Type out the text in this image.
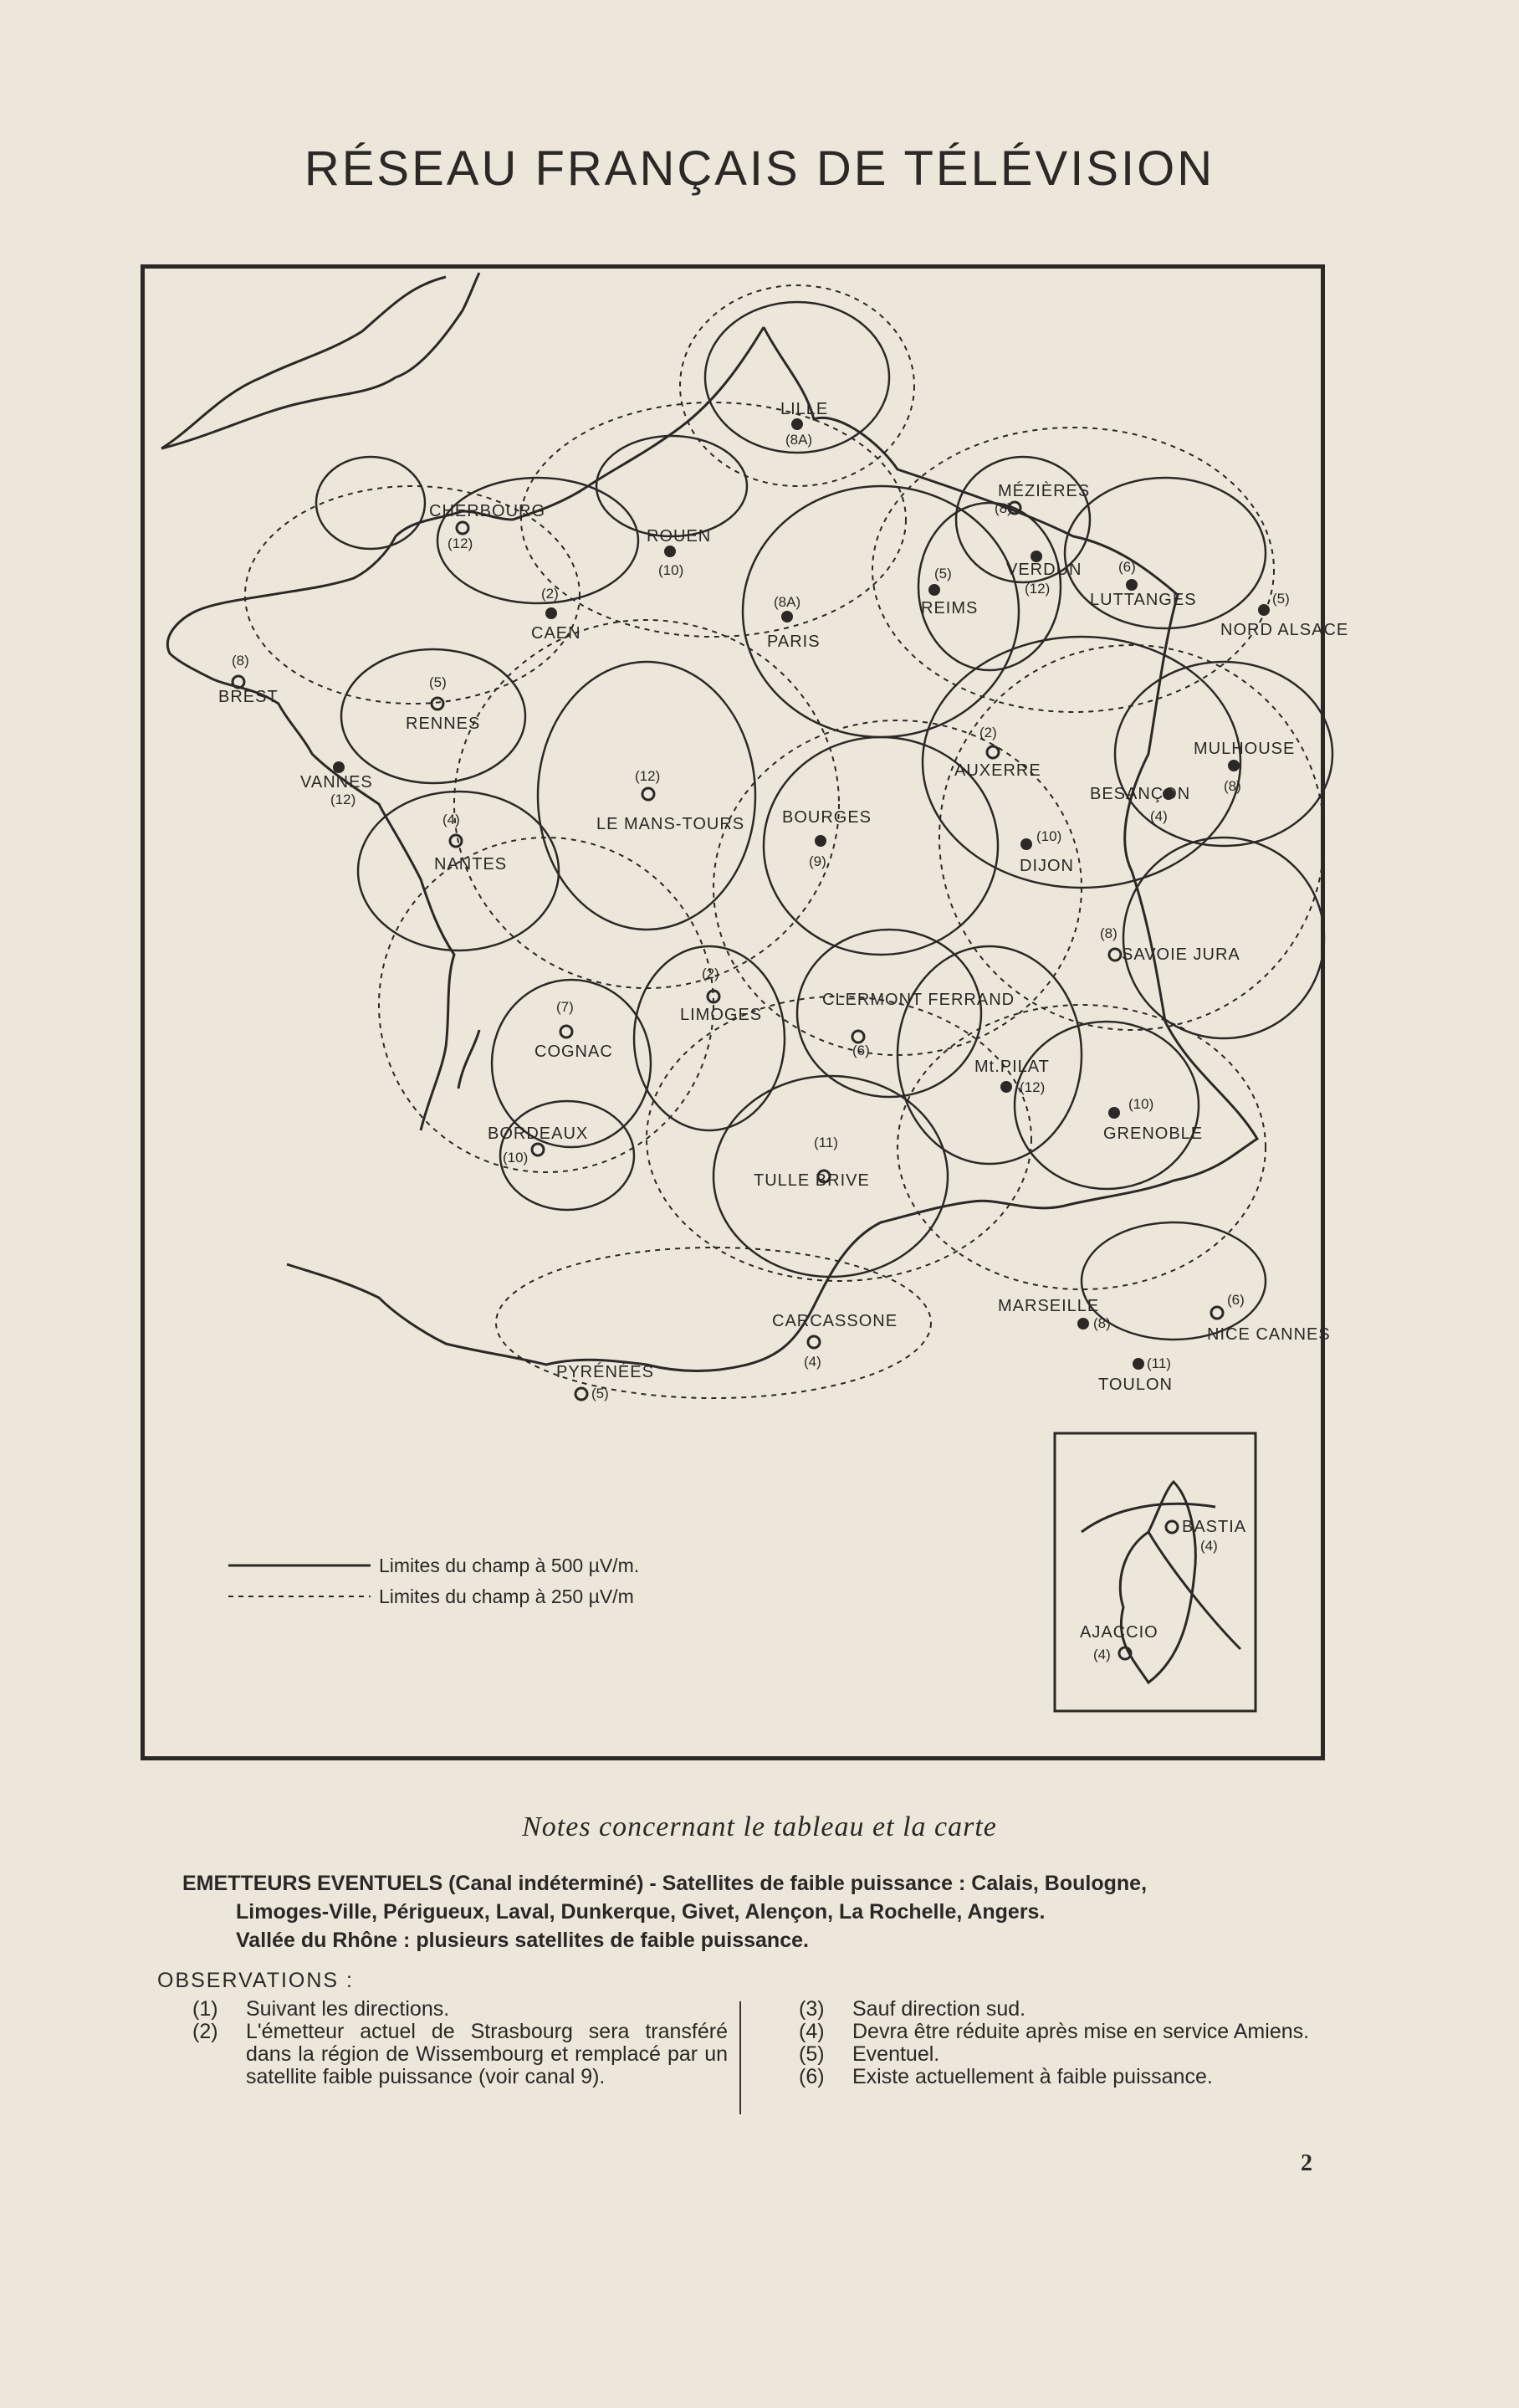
RÉSEAU FRANÇAIS DE TÉLÉVISION
LILLE
(8A)
MÉZIÈRES
(8)
VERDUN
(12)
LUTTANGES
(6)
NORD ALSACE
(5)
CHERBOURG
(12)	ROUEN
(10)
CAEN
(2)
REIMS
(5)
PARIS
(8A)
BREST
(8)
RENNES
(5)
AUXERRE
(2)
MULHOUSE
(8)
VANNES
(12)
LE MANS-TOURS
(12)
BESANÇON
(4)
NANTES
(4)	BOURGES
(9)	DIJON
(10)
SAVOIE JURA
(8)
LIMOGES
(2)
COGNAC
(7)	CLERMONT FERRAND
(6)
Mt.PILAT
(12)
GRENOBLE
(10)
BORDEAUX
(10)
TULLE BRIVE
(11)
MARSEILLE
(8)
NICE CANNES
(6)
CARCASSONE
(4)
TOULON
(11)
PYRÉNÉES
(5)
BASTIA
(4)
AJACCIO
(4)
Limites du champ à 500 µV/m.
Limites du champ à 250 µV/m
Notes concernant le tableau et la carte
EMETTEURS EVENTUELS (Canal indéterminé) - Satellites de faible puissance : Calais, Boulogne,
Limoges-Ville, Périgueux, Laval, Dunkerque, Givet, Alençon, La Rochelle, Angers.
Vallée du Rhône : plusieurs satellites de faible puissance.
OBSERVATIONS :
(1)	Suivant les directions.
(2)	L'émetteur actuel de Strasbourg sera transféré dans la région de Wissembourg et remplacé par un satellite faible puissance (voir canal 9).
(3)	Sauf direction sud.
(4)	Devra être réduite après mise en service Amiens.
(5)	Eventuel.
(6)	Existe actuellement à faible puissance.
2
